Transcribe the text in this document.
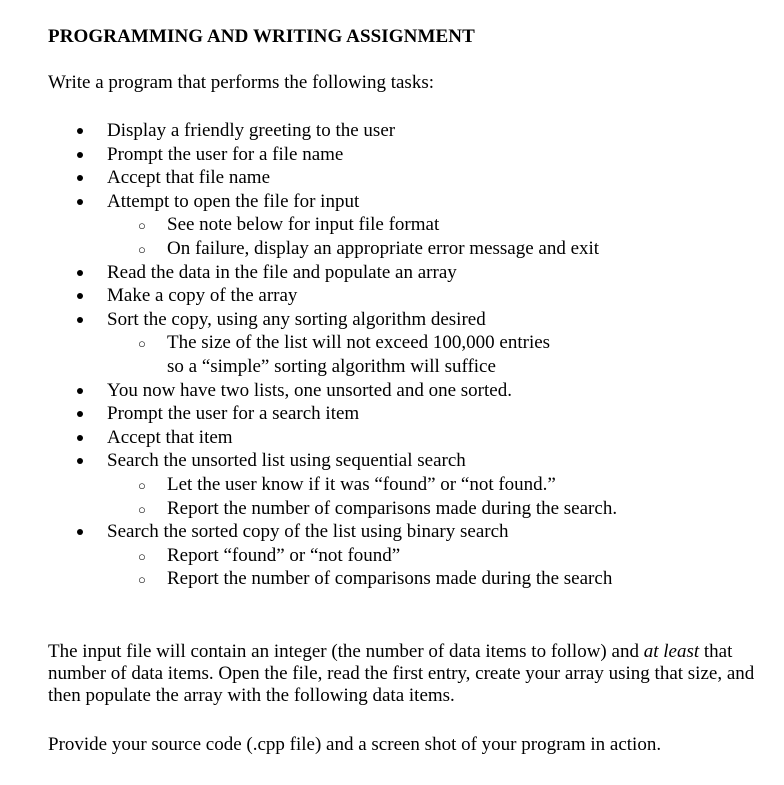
PROGRAMMING AND WRITING ASSIGNMENT
Write a program that performs the following tasks:
Display a friendly greeting to the user
Prompt the user for a file name
Accept that file name
Attempt to open the file for input
○ See note below for input file format
○ On failure, display an appropriate error message and exit
Read the data in the file and populate an array
Make a copy of the array
Sort the copy, using any sorting algorithm desired
○ The size of the list will not exceed 100,000 entries
so a “simple” sorting algorithm will suffice
You now have two lists, one unsorted and one sorted.
Prompt the user for a search item
Accept that item
Search the unsorted list using sequential search
○ Let the user know if it was “found” or “not found.”
○ Report the number of comparisons made during the search.
Search the sorted copy of the list using binary search
○ Report “found” or “not found”
○ Report the number of comparisons made during the search
The input file will contain an integer (the number of data items to follow) and at least that number of data items. Open the file, read the first entry, create your array using that size, and then populate the array with the following data items.
Provide your source code (.cpp file) and a screen shot of your program in action.
